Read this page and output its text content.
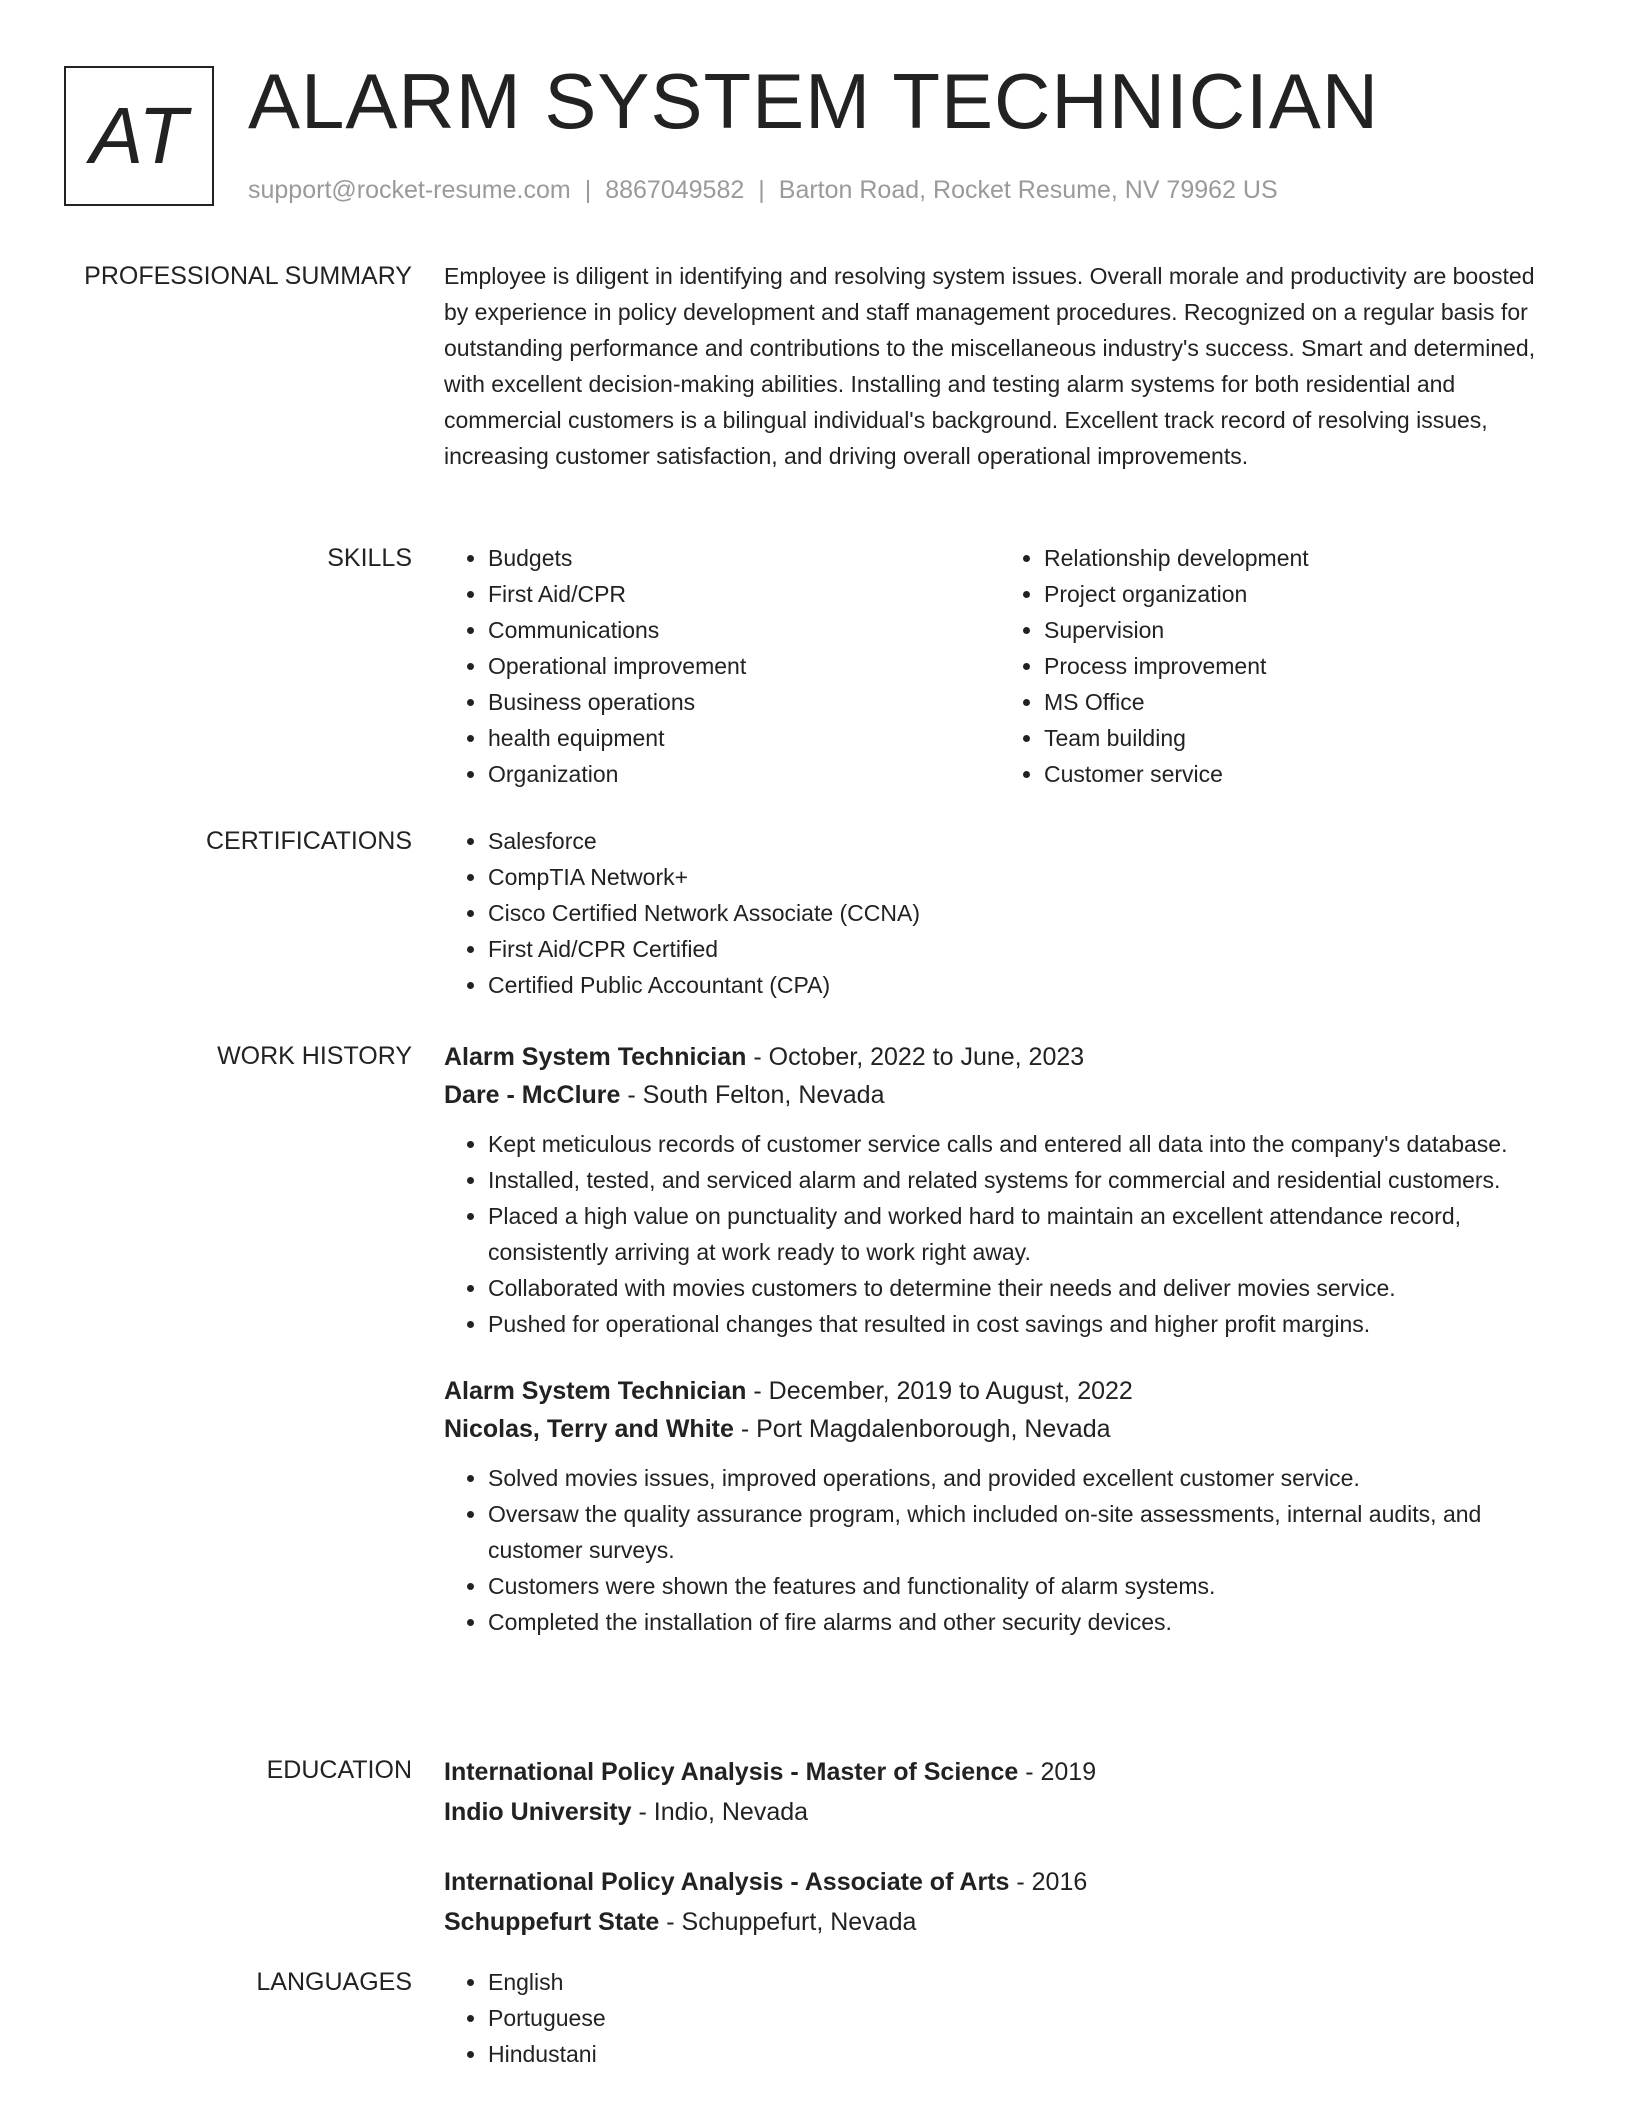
AT ALARM SYSTEM TECHNICIAN
support@rocket-resume.com | 8867049582 | Barton Road, Rocket Resume, NV 79962 US
PROFESSIONAL SUMMARY Employee is diligent in identifying and resolving system issues. Overall morale and productivity are boosted by experience in policy development and staff management procedures. Recognized on a regular basis for outstanding performance and contributions to the miscellaneous industry's success. Smart and determined, with excellent decision-making abilities. Installing and testing alarm systems for both residential and commercial customers is a bilingual individual's background. Excellent track record of resolving issues, increasing customer satisfaction, and driving overall operational improvements.

SKILLS	• Budgets
• First Aid/CPR
• Communications
• Operational improvement
• Business operations
• health equipment
• Organization
• Relationship development
• Project organization
• Supervision
• Process improvement
• MS Office
• Team building
• Customer service
CERTIFICATIONS	• Salesforce
• CompTIA Network+
• Cisco Certified Network Associate (CCNA)
• First Aid/CPR Certified
• Certified Public Accountant (CPA)
WORK HISTORY Alarm System Technician - October, 2022 to June, 2023
Dare - McClure - South Felton, Nevada
• Kept meticulous records of customer service calls and entered all data into the company's database.
• Installed, tested, and serviced alarm and related systems for commercial and residential customers.
• Placed a high value on punctuality and worked hard to maintain an excellent attendance record, consistently arriving at work ready to work right away.
• Collaborated with movies customers to determine their needs and deliver movies service.
• Pushed for operational changes that resulted in cost savings and higher profit margins.
Alarm System Technician - December, 2019 to August, 2022
Nicolas, Terry and White - Port Magdalenborough, Nevada
• Solved movies issues, improved operations, and provided excellent customer service.
• Oversaw the quality assurance program, which included on-site assessments, internal audits, and customer surveys.
• Customers were shown the features and functionality of alarm systems.
• Completed the installation of fire alarms and other security devices.
EDUCATION International Policy Analysis - Master of Science - 2019
Indio University - Indio, Nevada
International Policy Analysis - Associate of Arts - 2016
Schuppefurt State - Schuppefurt, Nevada
LANGUAGES	• English
• Portuguese
• Hindustani
